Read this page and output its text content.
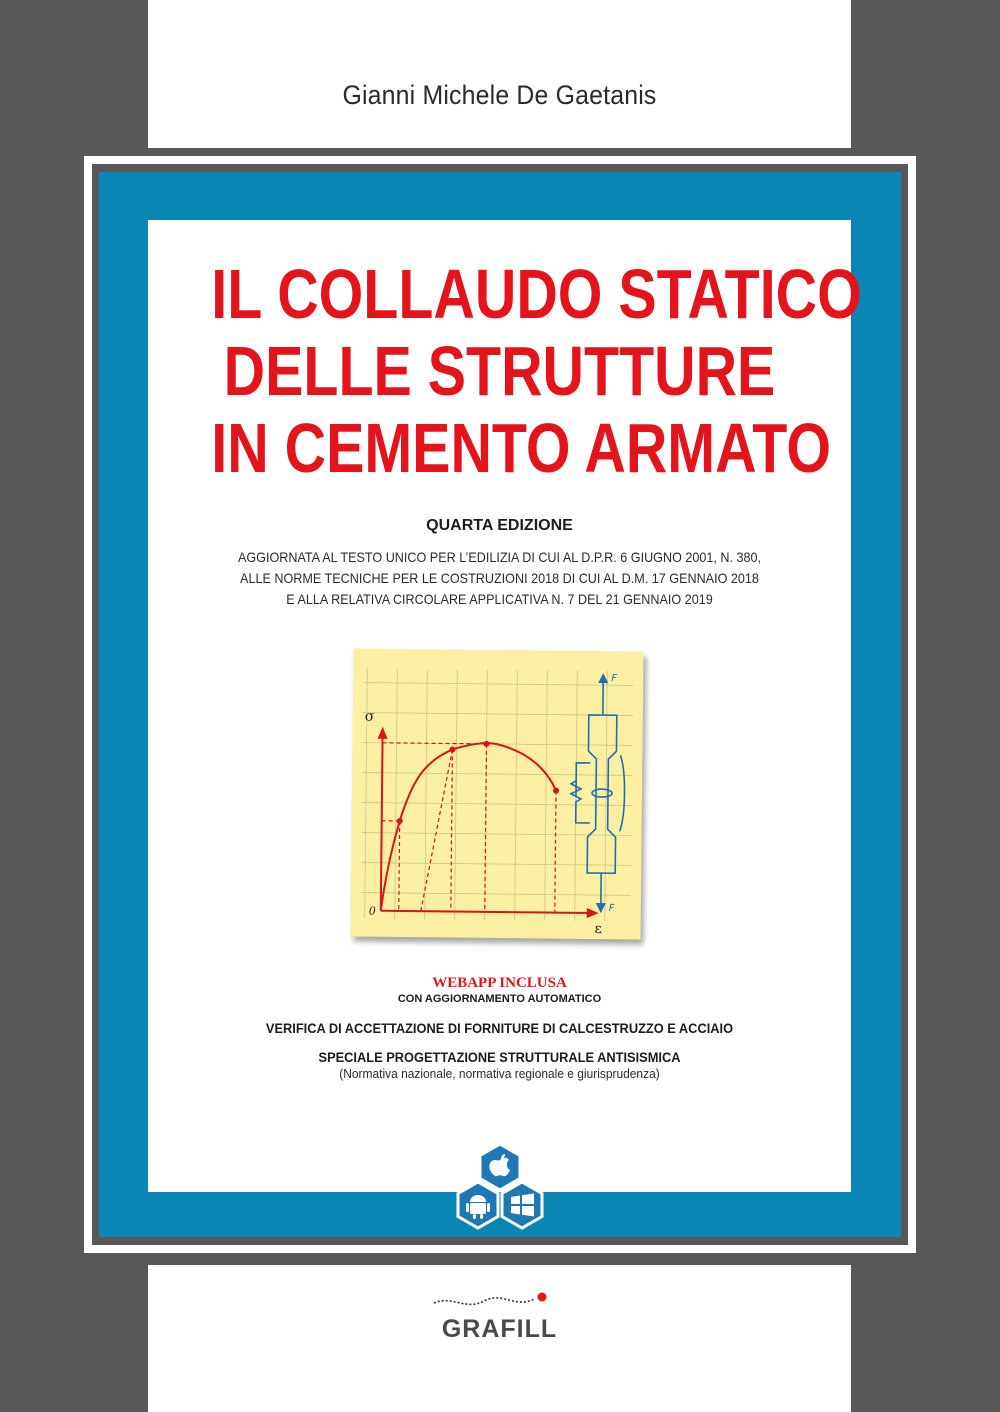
Gianni Michele De Gaetanis
IL COLLAUDO STATICO
DELLE STRUTTURE
IN CEMENTO ARMATO
QUARTA EDIZIONE
AGGIORNATA AL TESTO UNICO PER L’EDILIZIA DI CUI AL D.P.R. 6 GIUGNO 2001, N. 380,
ALLE NORME TECNICHE PER LE COSTRUZIONI 2018 DI CUI AL D.M. 17 GENNAIO 2018
E ALLA RELATIVA CIRCOLARE APPLICATIVA N. 7 DEL 21 GENNAIO 2019
σ
ε
0
F
F
WEBAPP INCLUSA
CON AGGIORNAMENTO AUTOMATICO
VERIFICA DI ACCETTAZIONE DI FORNITURE DI CALCESTRUZZO E ACCIAIO
SPECIALE PROGETTAZIONE STRUTTURALE ANTISISMICA
(Normativa nazionale, normativa regionale e giurisprudenza)
GRAFILL
